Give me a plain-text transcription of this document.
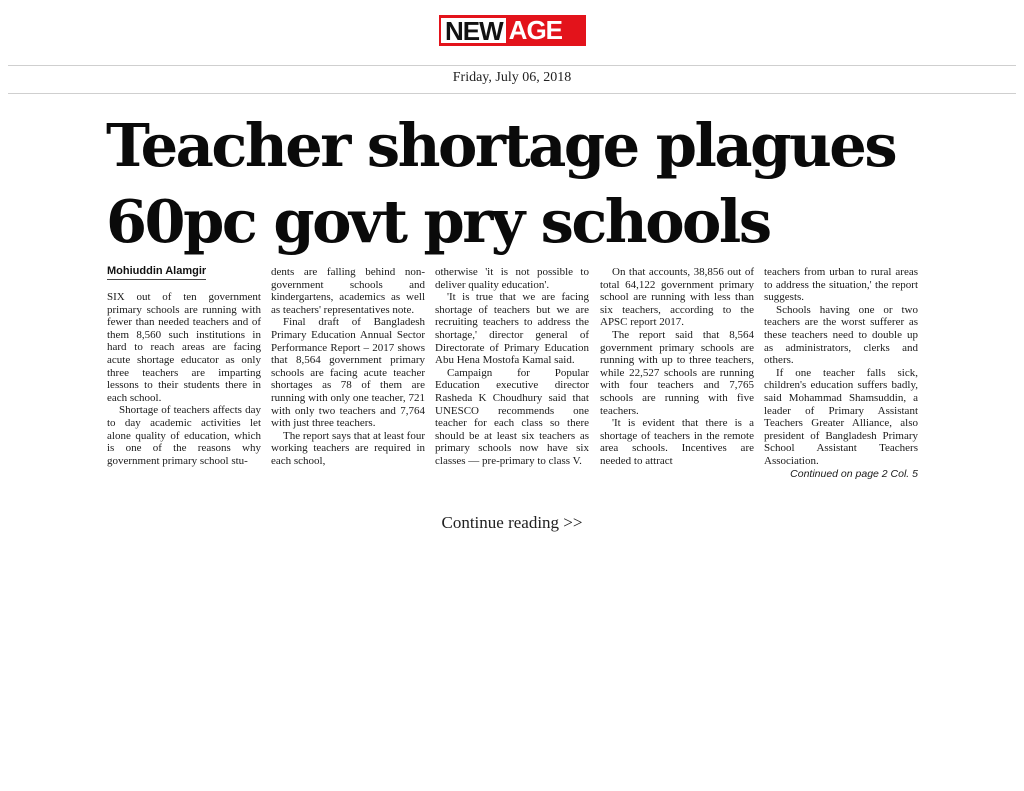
NEW AGE
Friday, July 06, 2018
Teacher shortage plagues
60pc govt pry schools
Mohiuddin Alamgir

SIX out of ten government primary schools are running with fewer than needed teachers and of them 8,560 such institutions in hard to reach areas are facing acute shortage educator as only three teachers are imparting lessons to their students there in each school.

Shortage of teachers affects day to day academic activities let alone quality of education, which is one of the reasons why government primary school stu-

dents are falling behind non-government schools and kindergartens, academics as well as teachers' representatives note.

Final draft of Bangladesh Primary Education Annual Sector Performance Report – 2017 shows that 8,564 government primary schools are facing acute teacher shortages as 78 of them are running with only one teacher, 721 with only two teachers and 7,764 with just three teachers.

The report says that at least four working teachers are required in each school,

otherwise 'it is not possible to deliver quality education'.

'It is true that we are facing shortage of teachers but we are recruiting teachers to address the shortage,' director general of Directorate of Primary Education Abu Hena Mostofa Kamal said.

Campaign for Popular Education executive director Rasheda K Choudhury said that UNESCO recommends one teacher for each class so there should be at least six teachers as primary schools now have six classes — pre-primary to class V.

On that accounts, 38,856 out of total 64,122 government primary school are running with less than six teachers, according to the APSC report 2017.

The report said that 8,564 government primary schools are running with up to three teachers, while 22,527 schools are running with four teachers and 7,765 schools are running with five teachers.

'It is evident that there is a shortage of teachers in the remote area schools. Incentives are needed to attract

teachers from urban to rural areas to address the situation,' the report suggests.

Schools having one or two teachers are the worst sufferer as these teachers need to double up as administrators, clerks and others.

If one teacher falls sick, children's education suffers badly, said Mohammad Shamsuddin, a leader of Primary Assistant Teachers Greater Alliance, also president of Bangladesh Primary School Assistant Teachers Association.

Continued on page 2 Col. 5
Continue reading >>
